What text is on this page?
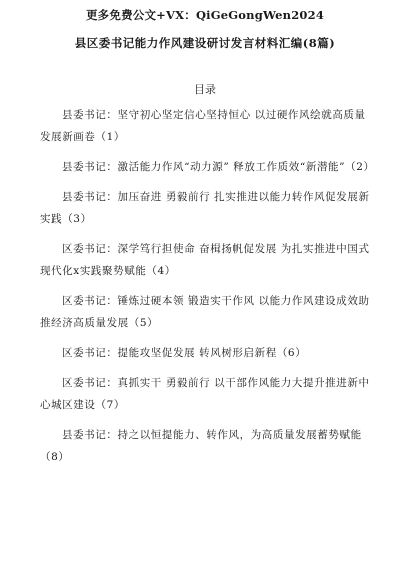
更多免费公文+VX：QiGeGongWen2024
县区委书记能力作风建设研讨发言材料汇编(8篇)
目录
县委书记：坚守初心坚定信心坚持恒心 以过硬作风绘就高质量发展新画卷（1）
县委书记：激活能力作风“动力源” 释放工作质效“新潜能”（2）
县委书记：加压奋进 勇毅前行 扎实推进以能力转作风促发展新实践（3）
区委书记：深学笃行担使命 奋楫扬帆促发展 为扎实推进中国式现代化x实践聚势赋能（4）
区委书记：锤炼过硬本领 锻造实干作风 以能力作风建设成效助推经济高质量发展（5）
区委书记：提能攻坚促发展 转风树形启新程（6）
区委书记：真抓实干 勇毅前行 以干部作风能力大提升推进新中心城区建设（7）
县委书记：持之以恒提能力、转作风，为高质量发展蓄势赋能（8）
